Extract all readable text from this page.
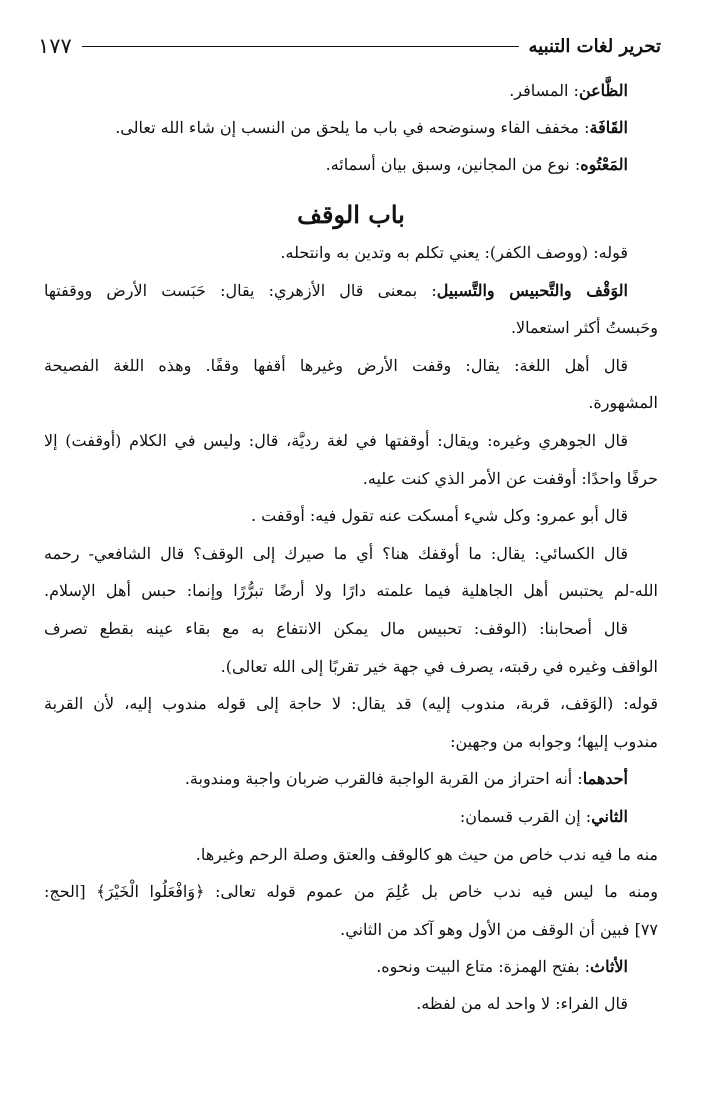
تحرير لغات التنبيه
١٧٧
الظَّاعن: المسافر.
القَافَة: مخفف الفاء وسنوضحه في باب ما يلحق من النسب إن شاء الله تعالى.
المَعْتُوه: نوع من المجانين، وسبق بيان أسمائه.
باب الوقف
قوله: (ووصف الكفر): يعني تكلم به وتدين به وانتحله.
الوَقْف والتَّحبيس والتَّسبيل: بمعنى قال الأزهري: يقال: حَبَست الأرض ووقفتها
وحَبستُ أكثر استعمالا.
قال أهل اللغة: يقال: وقفت الأرض وغيرها أقفها وقفًا. وهذه اللغة الفصيحة
المشهورة.
قال الجوهري وغيره: ويقال: أوقفتها في لغة رديَّة، قال: وليس في الكلام (أوقفت) إلا
حرفًا واحدًا: أوقفت عن الأمر الذي كنت عليه.
قال أبو عمرو: وكل شيء أمسكت عنه تقول فيه: أوقفت .
قال الكسائي: يقال: ما أوقفك هنا؟ أي ما صيرك إلى الوقف؟ قال الشافعي- رحمه
الله-لم يحتبس أهل الجاهلية فيما علمته دارًا ولا أرضًا تبرُّرًا وإنما: حبس أهل الإسلام.
قال أصحابنا: (الوقف: تحبيس مال يمكن الانتفاع به مع بقاء عينه بقطع تصرف
الواقف وغيره في رقبته، يصرف في جهة خير تقربًا إلى الله تعالى).
قوله: (الوَقف، قربة، مندوب إليه) قد يقال: لا حاجة إلى قوله مندوب إليه، لأن القربة
مندوب إليها؛ وجوابه من وجهين:
أحدهما: أنه احتراز من القربة الواجبة فالقرب ضربان واجبة ومندوبة.
الثاني: إن القرب قسمان:
منه ما فيه ندب خاص من حيث هو كالوقف والعتق وصلة الرحم وغيرها.
ومنه ما ليس فيه ندب خاص بل عُلِمَ من عموم قوله تعالى: ﴿وَافْعَلُوا الْخَيْرَ﴾ [الحج:
٧٧] فبين أن الوقف من الأول وهو آكد من الثاني.
الأثاث: بفتح الهمزة: متاع البيت ونحوه.
قال الفراء: لا واحد له من لفظه.
